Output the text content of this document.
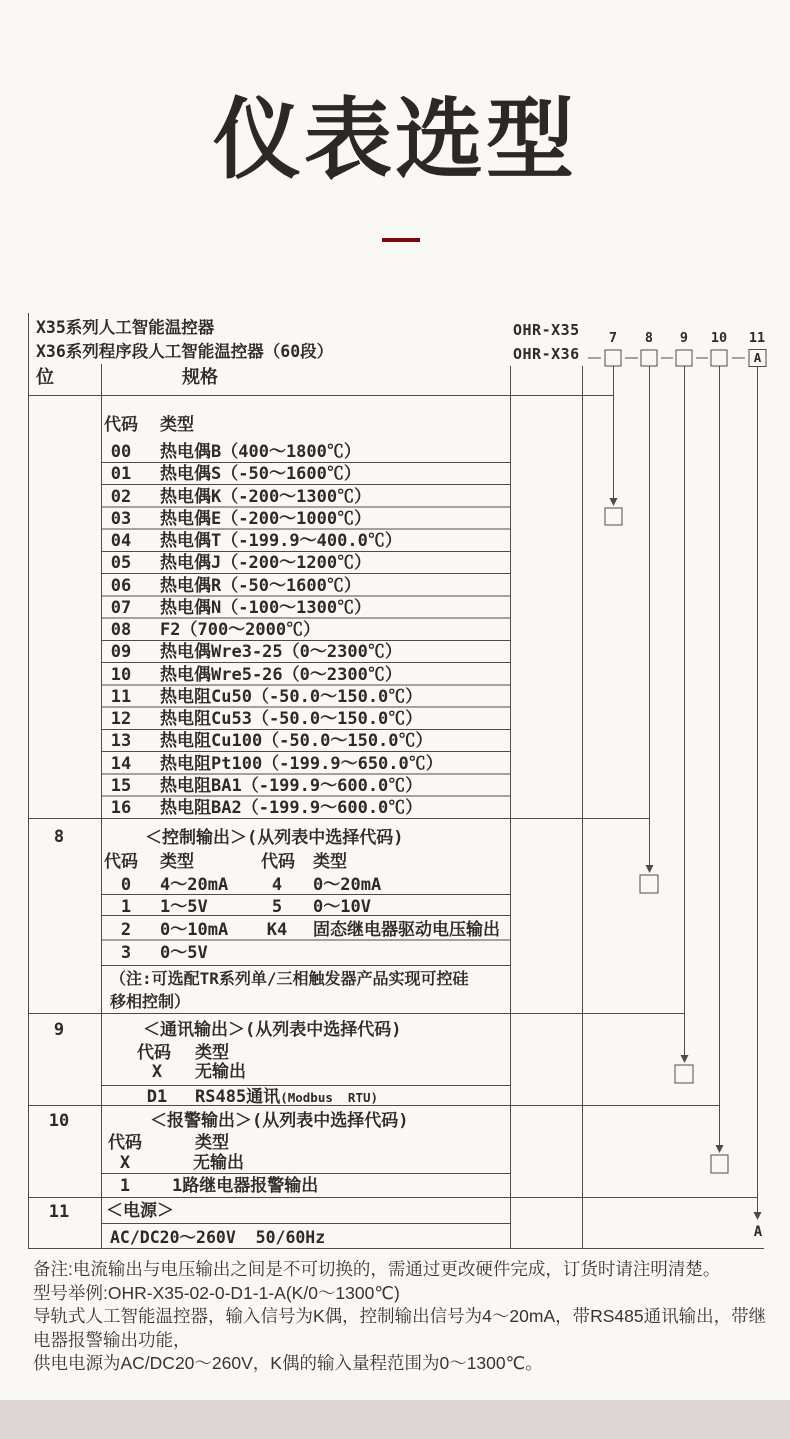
仪表选型
X35系列人工智能温控器
X36系列程序段人工智能温控器（60段）
OHR-X35
OHR-X36
7	8	9	10 11
A
A
位	规格
代码 类型
00	热电偶B（400～1800℃）
01	热电偶S（-50～1600℃）
02	热电偶K（-200～1300℃）
03	热电偶E（-200～1000℃）
04	热电偶T（-199.9～400.0℃）
05	热电偶J（-200～1200℃）
06	热电偶R（-50～1600℃）
07	热电偶N（-100～1300℃）
08	F2（700～2000℃）
09	热电偶Wre3-25（0～2300℃）
10	热电偶Wre5-26（0～2300℃）
11	热电阻Cu50（-50.0～150.0℃）
12	热电阻Cu53（-50.0～150.0℃）
13	热电阻Cu100（-50.0～150.0℃）
14	热电阻Pt100（-199.9～650.0℃）
15	热电阻BA1（-199.9～600.0℃）
16	热电阻BA2（-199.9～600.0℃）
8	＜控制输出＞(从列表中选择代码)
代码 类型	代码 类型
0	4～20mA	4	0～20mA
1	1～5V	5	0～10V
2	0～10mA	K4	固态继电器驱动电压输出
3	0～5V
（注:可选配TR系列单/三相触发器产品实现可控硅
移相控制）
9	＜通讯输出＞(从列表中选择代码)
代码 类型
X	无输出
D1	RS485通讯(Modbus  RTU)
10	＜报警输出＞(从列表中选择代码)
代码	类型
X	无输出
1	1路继电器报警输出
11	＜电源＞
AC/DC20～260V  50/60Hz
备注:电流输出与电压输出之间是不可切换的，需通过更改硬件完成，订货时请注明清楚。
型号举例:OHR-X35-02-0-D1-1-A(K/0～1300℃)
导轨式人工智能温控器，输入信号为K偶，控制输出信号为4～20mA，带RS485通讯输出，带继
电器报警输出功能，
供电电源为AC/DC20～260V，K偶的输入量程范围为0～1300℃。
